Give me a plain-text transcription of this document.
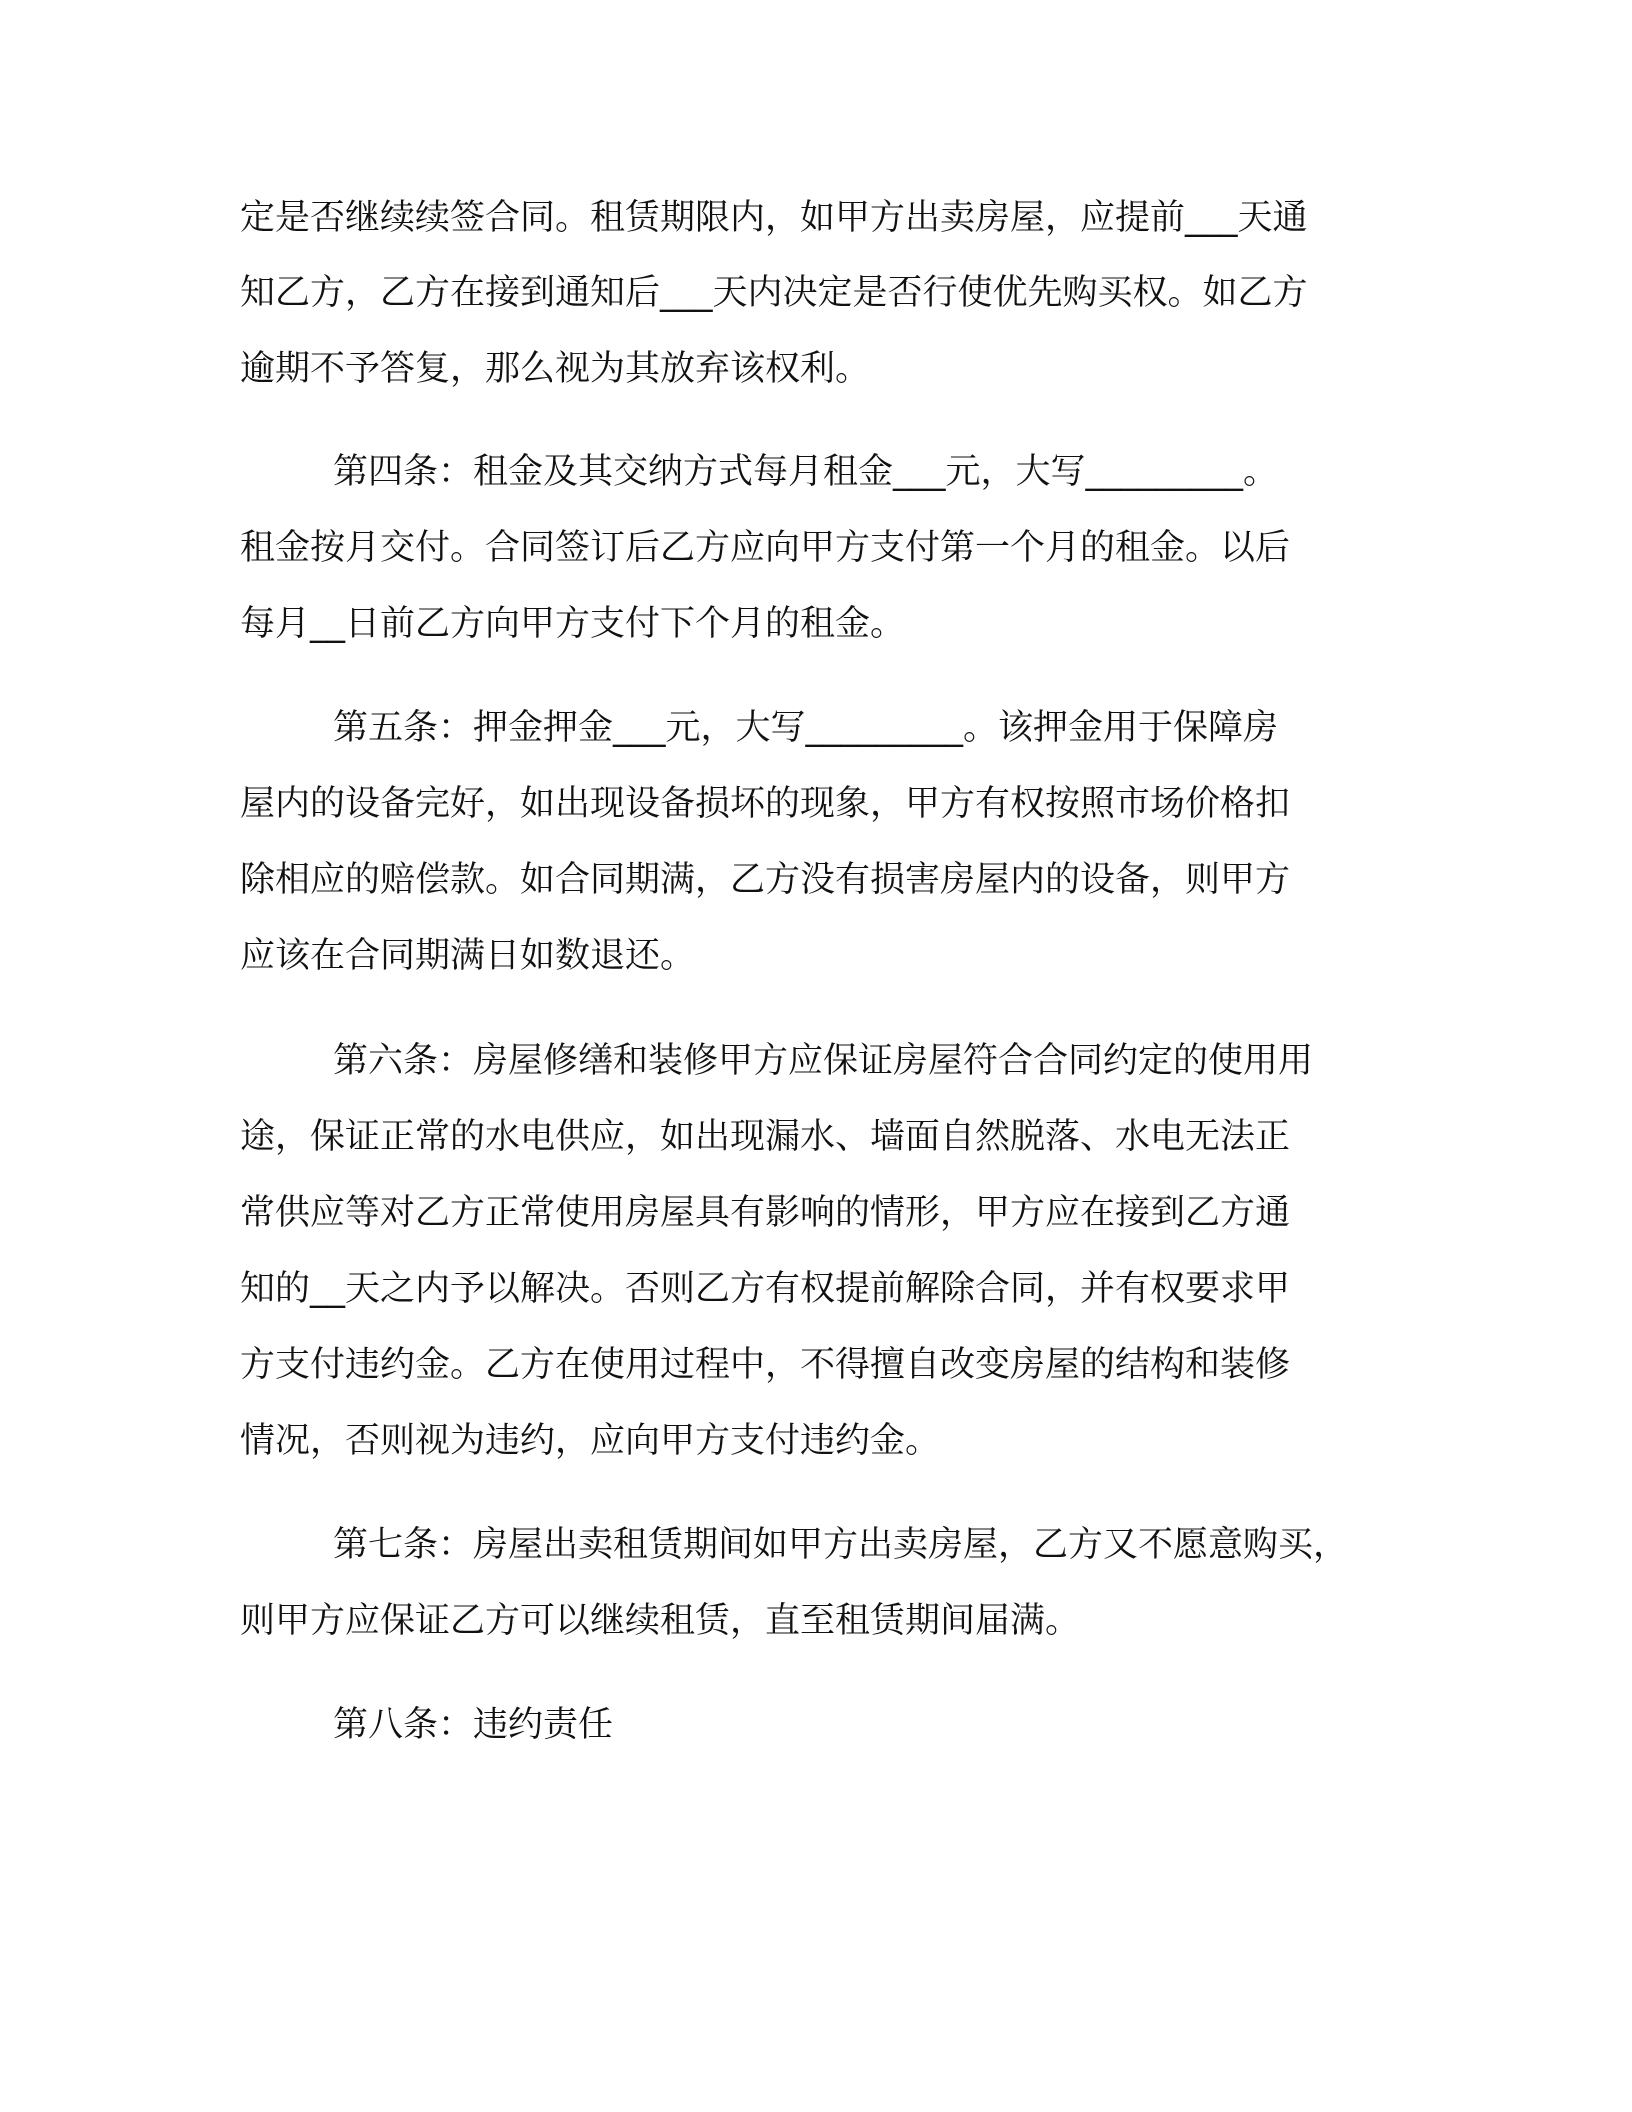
定是否继续续签合同。租赁期限内，如甲方出卖房屋，应提前___天通
知乙方，乙方在接到通知后___天内决定是否行使优先购买权。如乙方
逾期不予答复，那么视为其放弃该权利。
第四条：租金及其交纳方式每月租金___元，大写_________。
租金按月交付。合同签订后乙方应向甲方支付第一个月的租金。以后
每月__日前乙方向甲方支付下个月的租金。
第五条：押金押金___元，大写_________。该押金用于保障房
屋内的设备完好，如出现设备损坏的现象，甲方有权按照市场价格扣
除相应的赔偿款。如合同期满，乙方没有损害房屋内的设备，则甲方
应该在合同期满日如数退还。
第六条：房屋修缮和装修甲方应保证房屋符合合同约定的使用用
途，保证正常的水电供应，如出现漏水、墙面自然脱落、水电无法正
常供应等对乙方正常使用房屋具有影响的情形，甲方应在接到乙方通
知的__天之内予以解决。否则乙方有权提前解除合同，并有权要求甲
方支付违约金。乙方在使用过程中，不得擅自改变房屋的结构和装修
情况，否则视为违约，应向甲方支付违约金。
第七条：房屋出卖租赁期间如甲方出卖房屋，乙方又不愿意购买，
则甲方应保证乙方可以继续租赁，直至租赁期间届满。
第八条：违约责任
